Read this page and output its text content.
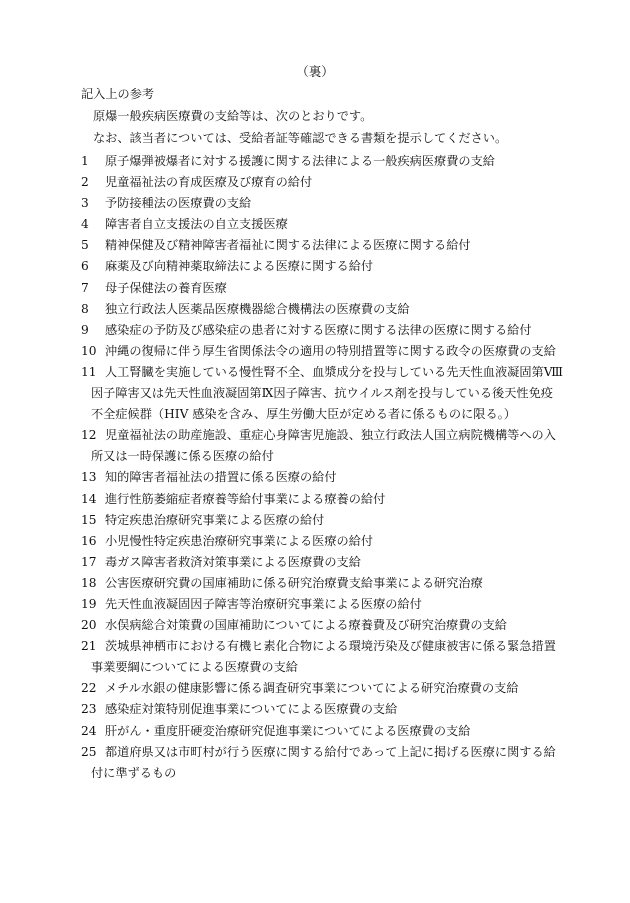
（裏）
記入上の参考
原爆一般疾病医療費の支給等は、次のとおりです。
なお、該当者については、受給者証等確認できる書類を提示してください。
1 原子爆弾被爆者に対する援護に関する法律による一般疾病医療費の支給
2 児童福祉法の育成医療及び療育の給付
3 予防接種法の医療費の支給
4 障害者自立支援法の自立支援医療
5 精神保健及び精神障害者福祉に関する法律による医療に関する給付
6 麻薬及び向精神薬取締法による医療に関する給付
7 母子保健法の養育医療
8 独立行政法人医薬品医療機器総合機構法の医療費の支給
9 感染症の予防及び感染症の患者に対する医療に関する法律の医療に関する給付
10 沖縄の復帰に伴う厚生省関係法令の適用の特別措置等に関する政令の医療費の支給
11 人工腎臓を実施している慢性腎不全、血漿成分を投与している先天性血液凝固第Ⅷ
因子障害又は先天性血液凝固第Ⅸ因子障害、抗ウイルス剤を投与している後天性免疫
不全症候群（HIV 感染を含み、厚生労働大臣が定める者に係るものに限る。）
12 児童福祉法の助産施設、重症心身障害児施設、独立行政法人国立病院機構等への入
所又は一時保護に係る医療の給付
13 知的障害者福祉法の措置に係る医療の給付
14 進行性筋萎縮症者療養等給付事業による療養の給付
15 特定疾患治療研究事業による医療の給付
16 小児慢性特定疾患治療研究事業による医療の給付
17 毒ガス障害者救済対策事業による医療費の支給
18 公害医療研究費の国庫補助に係る研究治療費支給事業による研究治療
19 先天性血液凝固因子障害等治療研究事業による医療の給付
20 水俣病総合対策費の国庫補助についてによる療養費及び研究治療費の支給
21 茨城県神栖市における有機ヒ素化合物による環境汚染及び健康被害に係る緊急措置
事業要綱についてによる医療費の支給
22 メチル水銀の健康影響に係る調査研究事業についてによる研究治療費の支給
23 感染症対策特別促進事業についてによる医療費の支給
24 肝がん・重度肝硬変治療研究促進事業についてによる医療費の支給
25 都道府県又は市町村が行う医療に関する給付であって上記に掲げる医療に関する給
付に準ずるもの
